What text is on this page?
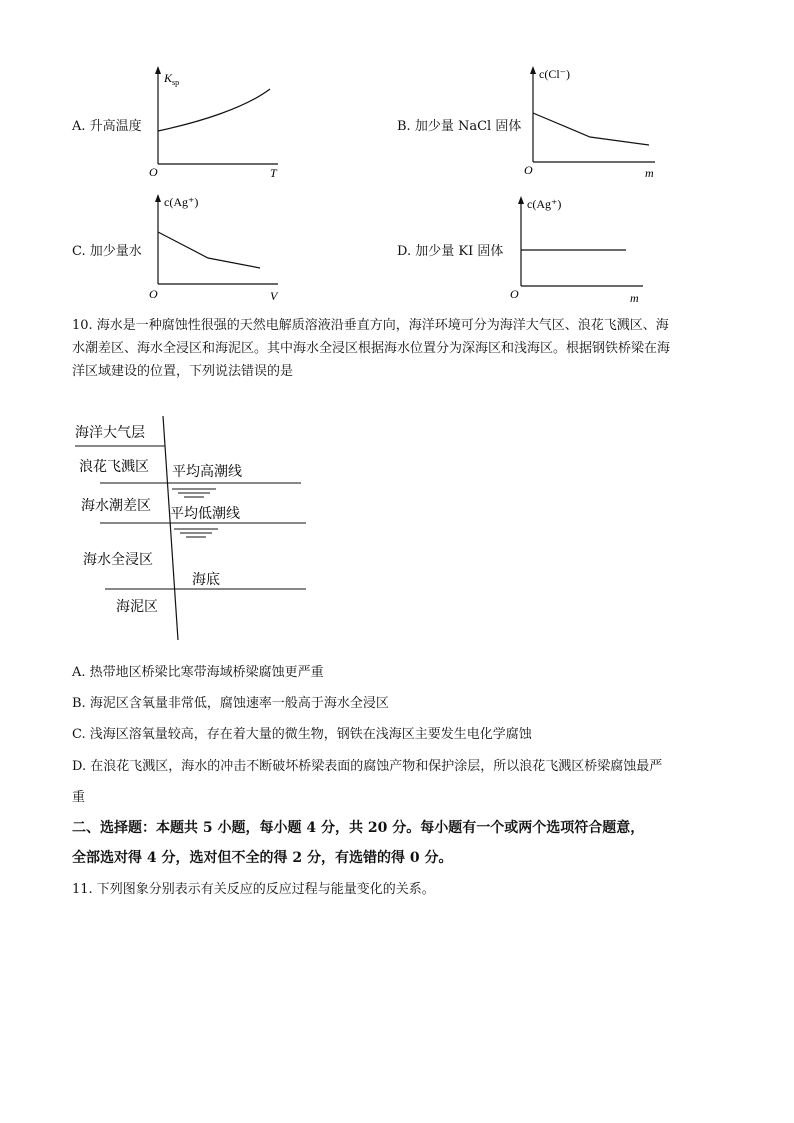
A. 升高温度
$K_{sp}$
O	T
B. 加少量 NaCl 固体
c(Cl⁻)
O	m
C. 加少量水
c(Ag⁺)
O	V
D. 加少量 KI 固体
c(Ag⁺)
O	m
10. 海水是一种腐蚀性很强的天然电解质溶液沿垂直方向，海洋环境可分为海洋大气区、浪花飞溅区、海
水潮差区、海水全浸区和海泥区。其中海水全浸区根据海水位置分为深海区和浅海区。根据钢铁桥梁在海
洋区域建设的位置，下列说法错误的是
海洋大气层
浪花飞溅区
海水潮差区
海水全浸区
海泥区
平均高潮线
平均低潮线
海底
A. 热带地区桥梁比寒带海域桥梁腐蚀更严重
B. 海泥区含氧量非常低，腐蚀速率一般高于海水全浸区
C. 浅海区溶氧量较高，存在着大量的微生物，钢铁在浅海区主要发生电化学腐蚀
D. 在浪花飞溅区，海水的冲击不断破坏桥梁表面的腐蚀产物和保护涂层，所以浪花飞溅区桥梁腐蚀最严
重
二、选择题：本题共 5 小题，每小题 4 分，共 20 分。每小题有一个或两个选项符合题意，
全部选对得 4 分，选对但不全的得 2 分，有选错的得 0 分。
11. 下列图象分别表示有关反应的反应过程与能量变化的关系。
